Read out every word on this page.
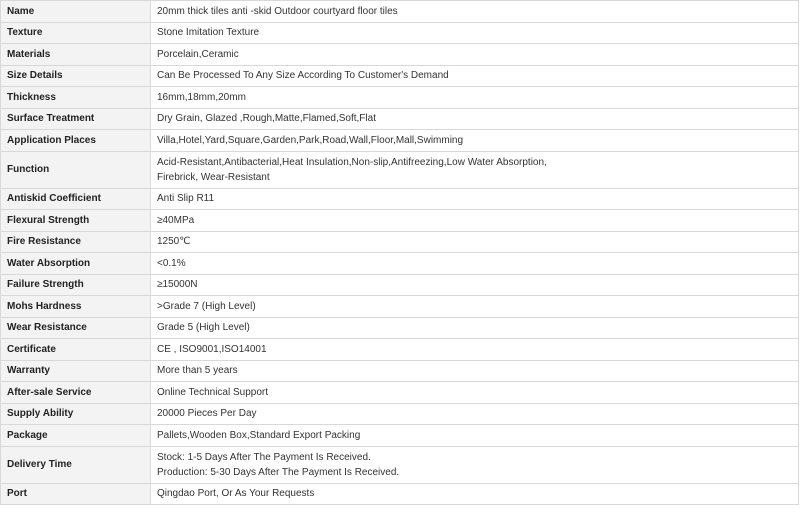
Name	20mm thick tiles anti -skid Outdoor courtyard floor tiles
Texture	Stone Imitation Texture
Materials	Porcelain,Ceramic
Size Details	Can Be Processed To Any Size According To Customer's Demand
Thickness	16mm,18mm,20mm
Surface Treatment	Dry Grain, Glazed ,Rough,Matte,Flamed,Soft,Flat
Application Places	Villa,Hotel,Yard,Square,Garden,Park,Road,Wall,Floor,Mall,Swimming
Function	Acid-Resistant,Antibacterial,Heat Insulation,Non-slip,Antifreezing,Low Water Absorption,
Firebrick, Wear-Resistant

Antiskid Coefficient	Anti Slip R11
Flexural Strength	≥40MPa
Fire Resistance	1250℃
Water Absorption	<0.1%
Failure Strength	≥15000N
Mohs Hardness	>Grade 7 (High Level)
Wear Resistance	Grade 5 (High Level)
Certificate	CE , ISO9001,ISO14001
Warranty	More than 5 years
After-sale Service	Online Technical Support
Supply Ability	20000 Pieces Per Day
Package	Pallets,Wooden Box,Standard Export Packing
Delivery Time	Stock: 1-5 Days After The Payment Is Received.
Production: 5-30 Days After The Payment Is Received.

Port	Qingdao Port, Or As Your Requests
